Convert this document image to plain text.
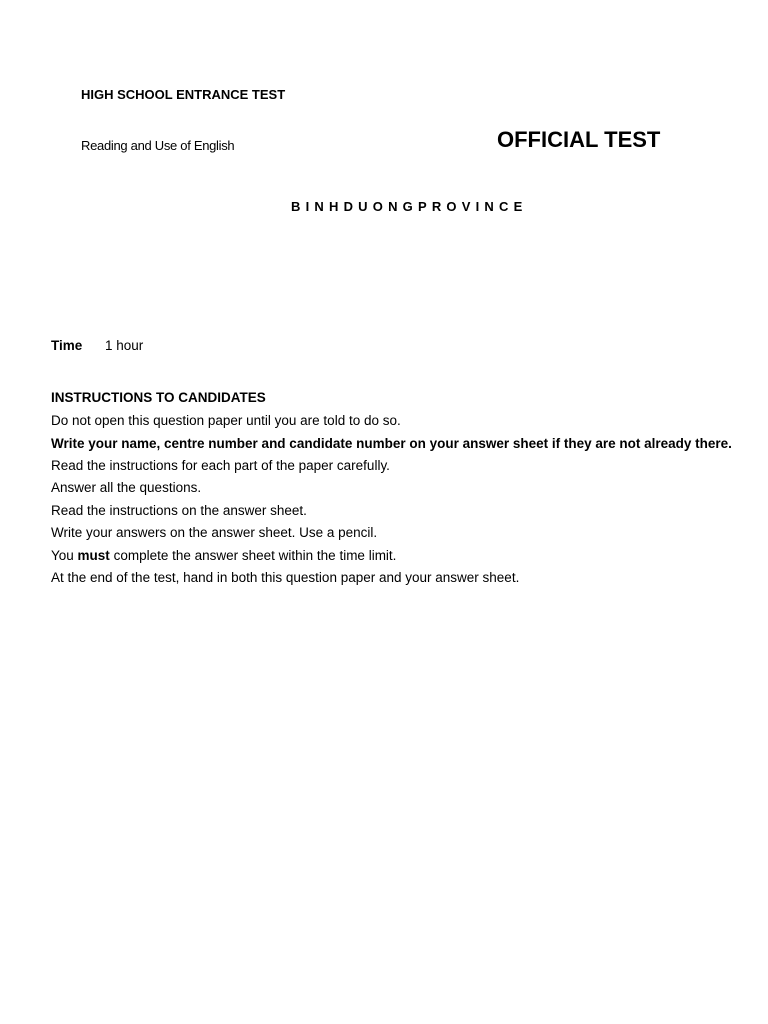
HIGH SCHOOL ENTRANCE TEST
Reading and Use of English	OFFICIAL TEST
BINHDUONGPROVINCE
Time 1 hour
INSTRUCTIONS TO CANDIDATES
Do not open this question paper until you are told to do so.
Write your name, centre number and candidate number on your answer sheet if they are not already there.
Read the instructions for each part of the paper carefully.
Answer all the questions.
Read the instructions on the answer sheet.
Write your answers on the answer sheet. Use a pencil.
You must complete the answer sheet within the time limit.
At the end of the test, hand in both this question paper and your answer sheet.
